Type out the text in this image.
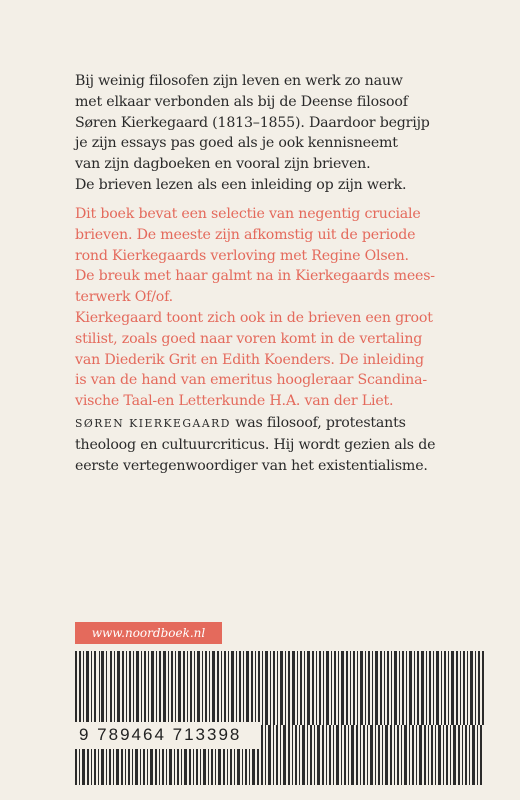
Bij weinig filosofen zijn leven en werk zo nauw
met elkaar verbonden als bij de Deense filosoof
Søren Kierkegaard (1813–1855). Daardoor begrijp
je zijn essays pas goed als je ook kennisneemt
van zijn dagboeken en vooral zijn brieven.
De brieven lezen als een inleiding op zijn werk.
Dit boek bevat een selectie van negentig cruciale
brieven. De meeste zijn afkomstig uit de periode
rond Kierkegaards verloving met Regine Olsen.
De breuk met haar galmt na in Kierkegaards mees-
terwerk Of/of.
Kierkegaard toont zich ook in de brieven een groot
stilist, zoals goed naar voren komt in de vertaling
van Diederik Grit en Edith Koenders. De inleiding
is van de hand van emeritus hoogleraar Scandina-
vische Taal-en Letterkunde H.A. van der Liet.
SØREN KIERKEGAARD was filosoof, protestants
theoloog en cultuurcriticus. Hij wordt gezien als de
eerste vertegenwoordiger van het existentialisme.
www.noordboek.nl
9 789464 713398
